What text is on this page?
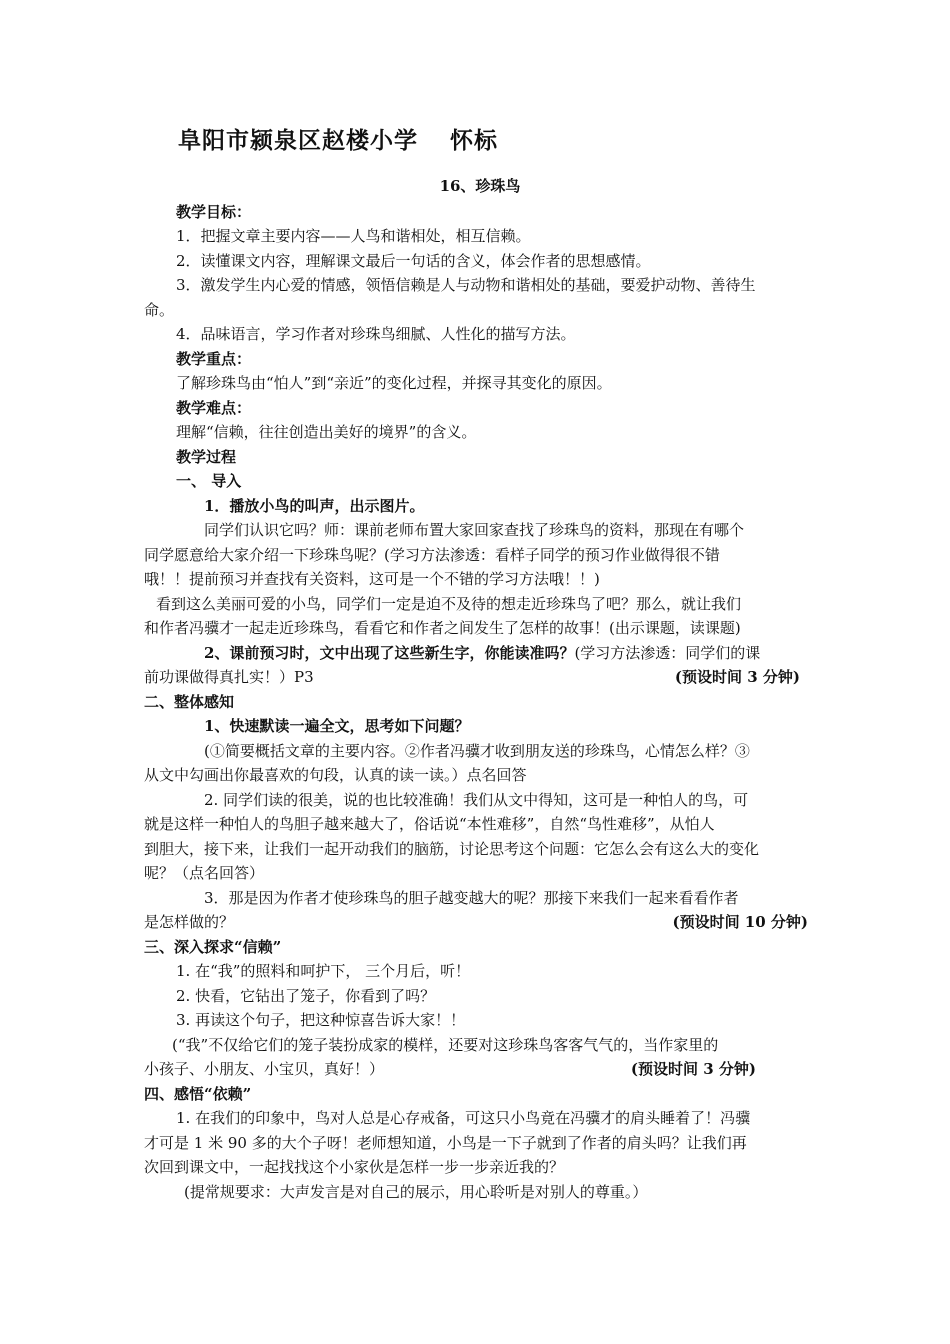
阜阳市颍泉区赵楼小学 怀标

16、珍珠鸟

教学目标：

1．把握文章主要内容——人鸟和谐相处，相互信赖。

2．读懂课文内容，理解课文最后一句话的含义，体会作者的思想感情。

3．激发学生内心爱的情感，领悟信赖是人与动物和谐相处的基础，要爱护动物、善待生

命。

4．品味语言，学习作者对珍珠鸟细腻、人性化的描写方法。

教学重点：

了解珍珠鸟由“怕人”到“亲近”的变化过程，并探寻其变化的原因。

教学难点：

理解“信赖，往往创造出美好的境界”的含义。

教学过程

一、 导入

1．播放小鸟的叫声，出示图片。

同学们认识它吗？师：课前老师布置大家回家查找了珍珠鸟的资料，那现在有哪个

同学愿意给大家介绍一下珍珠鸟呢？(学习方法渗透：看样子同学的预习作业做得很不错

哦！！提前预习并查找有关资料，这可是一个不错的学习方法哦！！)

看到这么美丽可爱的小鸟，同学们一定是迫不及待的想走近珍珠鸟了吧？那么，就让我们

和作者冯骥才一起走近珍珠鸟，看看它和作者之间发生了怎样的故事！(出示课题，读课题)

2、课前预习时，文中出现了这些新生字，你能读准吗？(学习方法渗透：同学们的课

前功课做得真扎实！）P3	(预设时间 3 分钟)

二、整体感知

1、快速默读一遍全文，思考如下问题？

(①简要概括文章的主要内容。②作者冯骥才收到朋友送的珍珠鸟，心情怎么样？③

从文中勾画出你最喜欢的句段，认真的读一读。）点名回答

2. 同学们读的很美，说的也比较准确！我们从文中得知，这可是一种怕人的鸟，可

就是这样一种怕人的鸟胆子越来越大了，俗话说“本性难移”，自然“鸟性难移”，从怕人

到胆大，接下来，让我们一起开动我们的脑筋，讨论思考这个问题：它怎么会有这么大的变化

呢？（点名回答）

3．那是因为作者才使珍珠鸟的胆子越变越大的呢？那接下来我们一起来看看作者

是怎样做的？	(预设时间 10 分钟)

三、深入探求“信赖”

1. 在“我”的照料和呵护下， 三个月后，听！

2. 快看，它钻出了笼子，你看到了吗？

3. 再读这个句子，把这种惊喜告诉大家！！

(“我”不仅给它们的笼子装扮成家的模样，还要对这珍珠鸟客客气气的，当作家里的

小孩子、小朋友、小宝贝，真好！）	(预设时间 3 分钟)

四、感悟“依赖”

1. 在我们的印象中，鸟对人总是心存戒备，可这只小鸟竟在冯骥才的肩头睡着了！冯骥

才可是 1 米 90 多的大个子呀！老师想知道，小鸟是一下子就到了作者的肩头吗？让我们再

次回到课文中，一起找找这个小家伙是怎样一步一步亲近我的？

(提常规要求：大声发言是对自己的展示，用心聆听是对别人的尊重。）
